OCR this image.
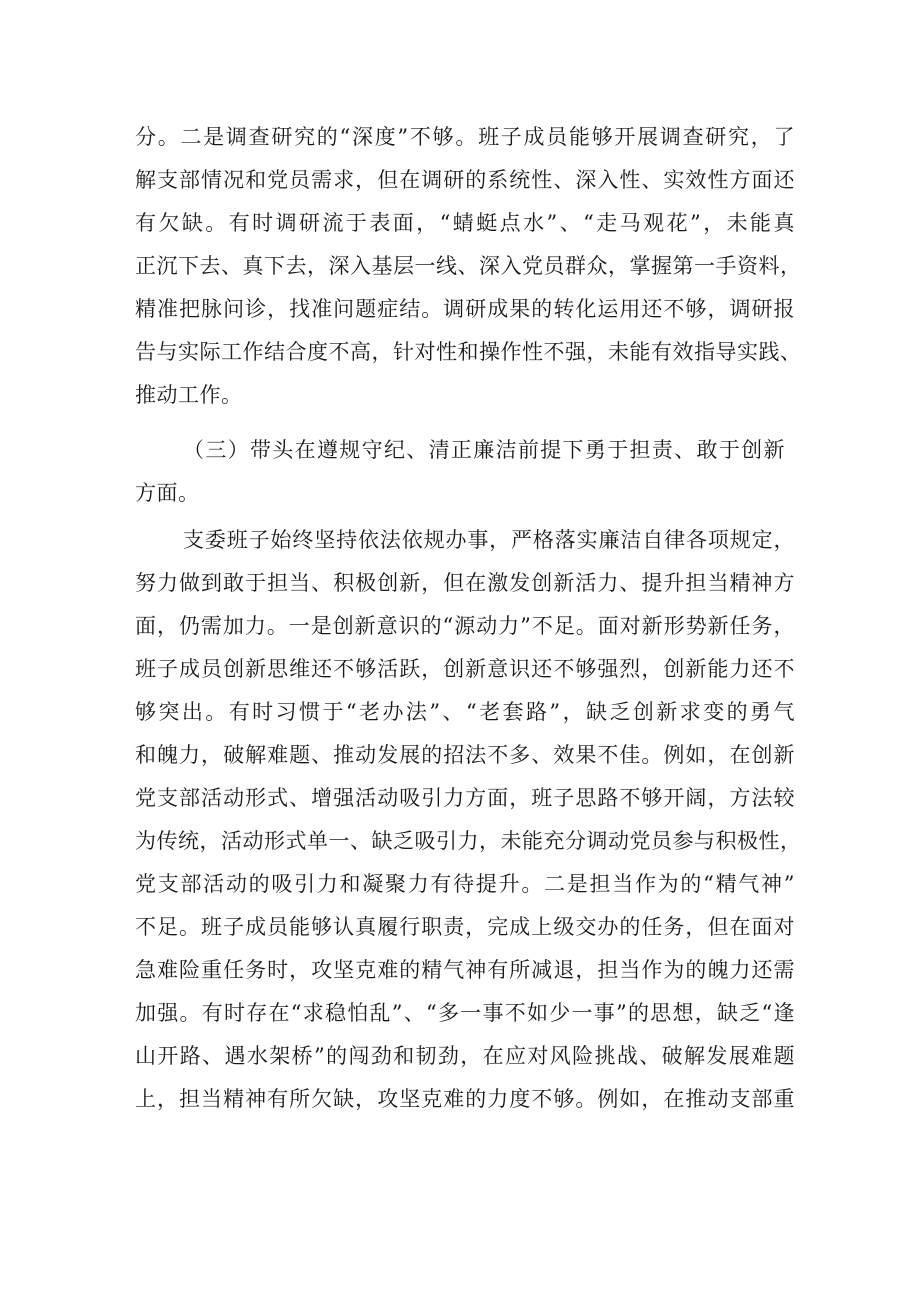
分。二是调查研究的“深度”不够。班子成员能够开展调查研究，了
解支部情况和党员需求，但在调研的系统性、深入性、实效性方面还
有欠缺。有时调研流于表面，“蜻蜓点水”、“走马观花”，未能真
正沉下去、真下去，深入基层一线、深入党员群众，掌握第一手资料，
精准把脉问诊，找准问题症结。调研成果的转化运用还不够，调研报
告与实际工作结合度不高，针对性和操作性不强，未能有效指导实践、
推动工作。
（三）带头在遵规守纪、清正廉洁前提下勇于担责、敢于创新
方面。
支委班子始终坚持依法依规办事，严格落实廉洁自律各项规定，
努力做到敢于担当、积极创新，但在激发创新活力、提升担当精神方
面，仍需加力。一是创新意识的“源动力”不足。面对新形势新任务，
班子成员创新思维还不够活跃，创新意识还不够强烈，创新能力还不
够突出。有时习惯于“老办法”、“老套路”，缺乏创新求变的勇气
和魄力，破解难题、推动发展的招法不多、效果不佳。例如，在创新
党支部活动形式、增强活动吸引力方面，班子思路不够开阔，方法较
为传统，活动形式单一、缺乏吸引力，未能充分调动党员参与积极性，
党支部活动的吸引力和凝聚力有待提升。二是担当作为的“精气神”
不足。班子成员能够认真履行职责，完成上级交办的任务，但在面对
急难险重任务时，攻坚克难的精气神有所减退，担当作为的魄力还需
加强。有时存在“求稳怕乱”、“多一事不如少一事”的思想，缺乏“逢
山开路、遇水架桥”的闯劲和韧劲，在应对风险挑战、破解发展难题
上，担当精神有所欠缺，攻坚克难的力度不够。例如，在推动支部重
